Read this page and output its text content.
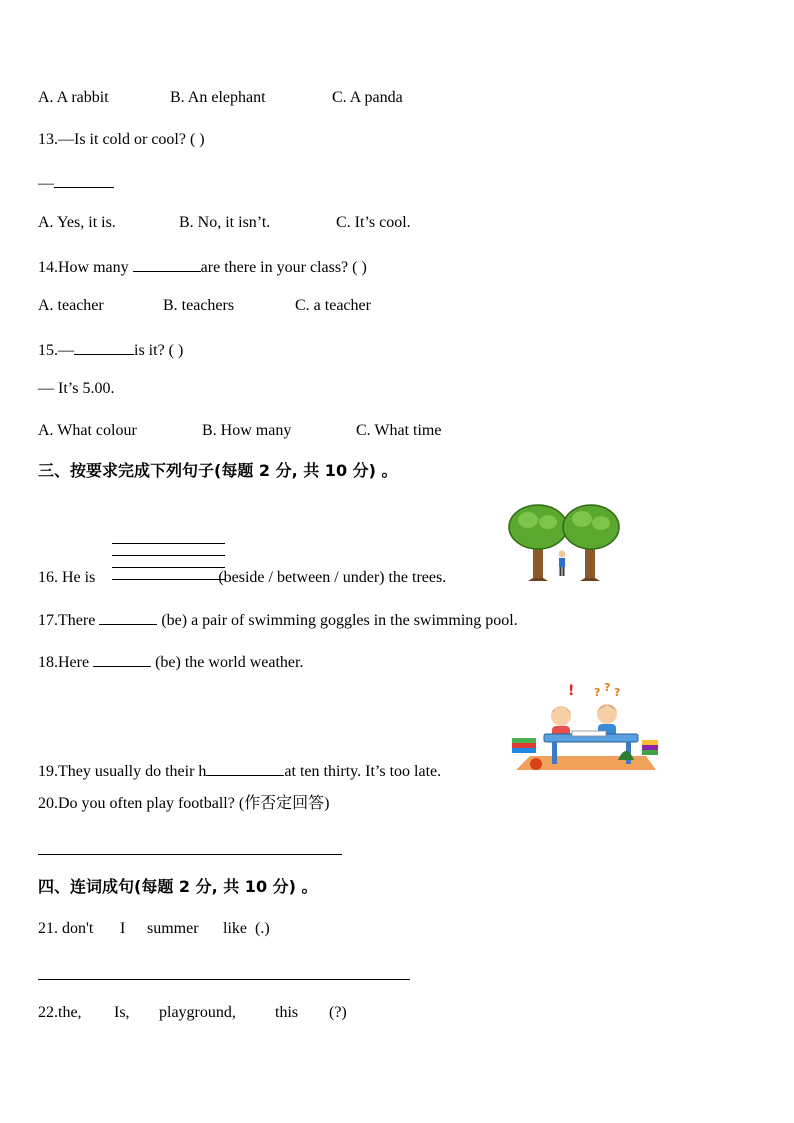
A. A rabbit	B. An elephant	C. A panda
13.—Is it cold or cool? ( )
—
A. Yes, it is.	B. No, it isn’t.	C. It’s cool.
14.How many	are there in your class? ( )
A. teacher	B. teachers	C. a teacher
15.—	is it? ( )
— It’s 5.00.
A. What colour	B. How many	C. What time
三、按要求完成下列句子(每题 2 分, 共 10 分) 。
16. He is	(beside / between / under) the trees.
17.There	(be) a pair of swimming goggles in the swimming pool.
18.Here	(be) the world weather.
! ? ? ?
19.They usually do their h	at ten thirty. It’s too late.
20.Do you often play football? (作否定回答)
四、连词成句(每题 2 分, 共 10 分) 。
21. don't I summer like (.)
22.the, Is, playground, this (?)
